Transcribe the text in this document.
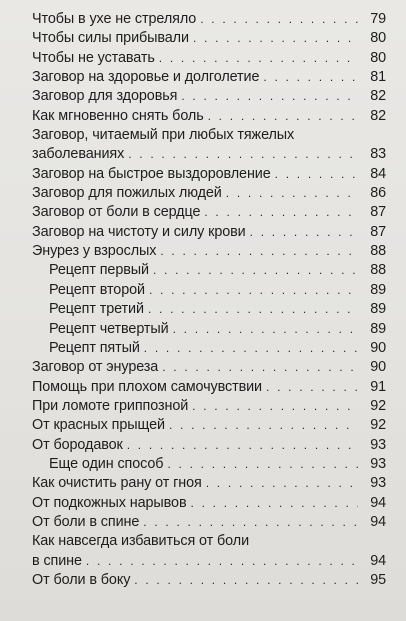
Чтобы в ухе не стреляло . . .	79
Чтобы силы прибывали . . .	80
Чтобы не уставать . . .	80
Заговор на здоровье и долголетие . . .	81
Заговор для здоровья . . .	82
Как мгновенно снять боль . . .	82
Заговор, читаемый при любых тяжелых
заболеваниях . . .	83
Заговор на быстрое выздоровление . . .	84
Заговор для пожилых людей . . .	86
Заговор от боли в сердце . . .	87
Заговор на чистоту и силу крови . . .	87
Энурез у взрослых . . .	88
Рецепт первый . . .	88
Рецепт второй . . .	89
Рецепт третий . . .	89
Рецепт четвертый . . .	89
Рецепт пятый . . .	90
Заговор от энуреза . . .	90
Помощь при плохом самочувствии . . .	91
При ломоте гриппозной . . .	92
От красных прыщей . . .	92
От бородавок . . .	93
Еще один способ . . .	93
Как очистить рану от гноя . . .	93
От подкожных нарывов . . .	94
От боли в спине . . .	94
Как навсегда избавиться от боли
в спине . . .	94
От боли в боку . . .	95
